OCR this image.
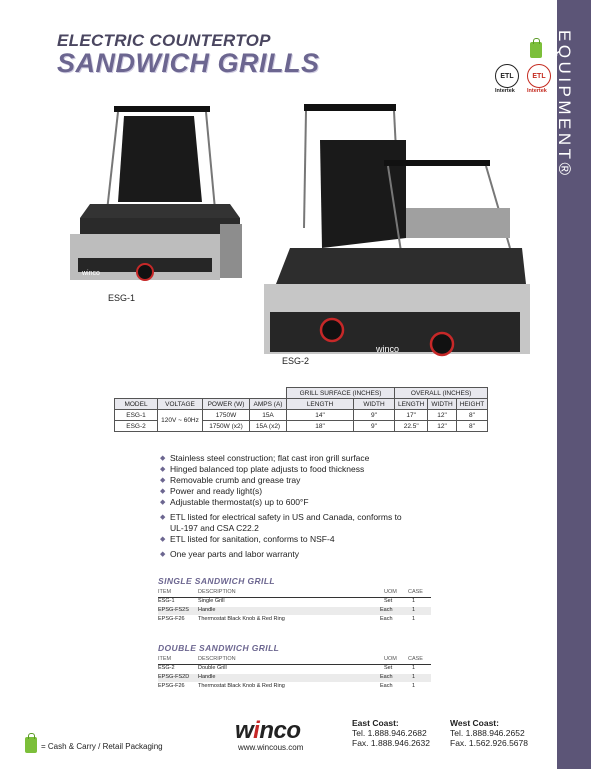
EQUIPMENT®
ELECTRIC COUNTERTOP
SANDWICH GRILLS	ETL
Intertek
ETL
Intertek
winco
ESG-1
winco
ESG-2
				GRILL SURFACE (INCHES)		OVERALL (INCHES)		
MODEL	VOLTAGE	POWER (W)	AMPS (A)	LENGTH	WIDTH	LENGTH	WIDTH	HEIGHT
ESG-1	120V ~ 60Hz	1750W	15A	14"	9"	17"	12"	8"
ESG-2		1750W (x2)	15A (x2)	18"	9"	22.5"	12"	8"
◆ Stainless steel construction; flat cast iron grill surface
◆ Hinged balanced top plate adjusts to food thickness
◆ Removable crumb and grease tray
◆ Power and ready light(s)
◆ Adjustable thermostat(s) up to 600°F
◆ ETL listed for electrical safety in US and Canada, conforms to UL-197 and CSA C22.2
◆ ETL listed for sanitation, conforms to NSF-4
◆ One year parts and labor warranty
SINGLE SANDWICH GRILL
ITEM	DESCRIPTION	UOM CASE
ESG-1	Single Grill	Set	1
EPSG-FS2S Handle	Each	1
EPSG-F26 Thermostat Black Knob & Red Ring	Each	1
DOUBLE SANDWICH GRILL
ITEM	DESCRIPTION	UOM CASE
ESG-2	Double Grill	Set	1
EPSG-FS2D Handle	Each	1
EPSG-F26 Thermostat Black Knob & Red Ring	Each	1
= Cash & Carry / Retail Packaging
winco
www.wincous.com
East Coast:
Tel. 1.888.946.2682
Fax. 1.888.946.2632
West Coast:
Tel. 1.888.946.2652
Fax. 1.562.926.5678
